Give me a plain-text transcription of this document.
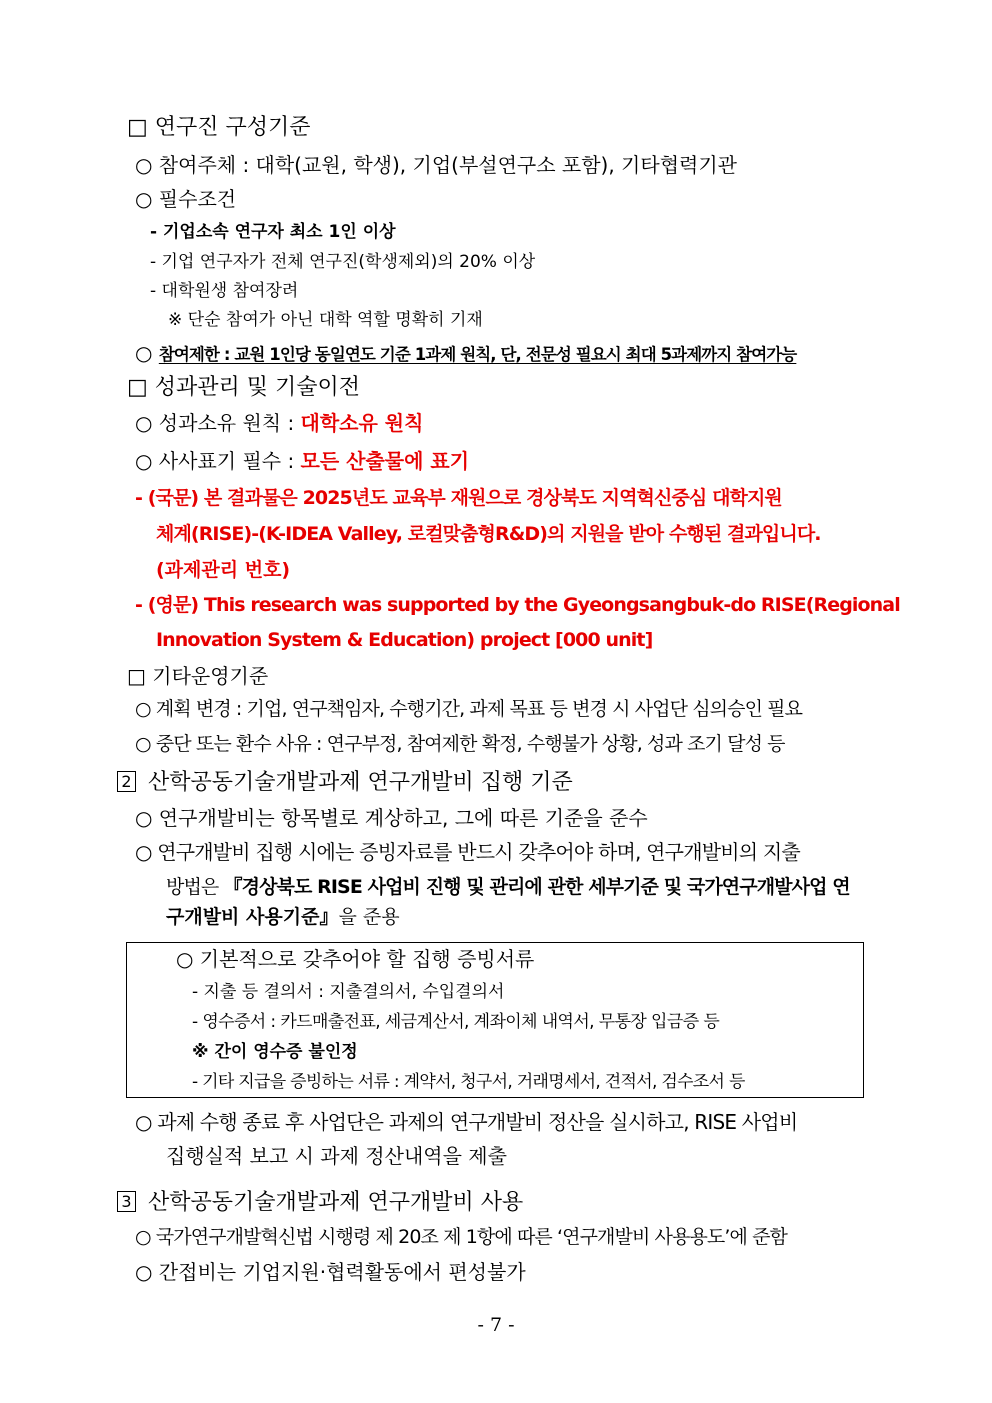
□ 연구진 구성기준
○ 참여주체 : 대학(교원, 학생), 기업(부설연구소 포함), 기타협력기관
○ 필수조건
- 기업소속 연구자 최소 1인 이상
- 기업 연구자가 전체 연구진(학생제외)의 20% 이상
- 대학원생 참여장려
※ 단순 참여가 아닌 대학 역할 명확히 기재
○ 참여제한 : 교원 1인당 동일연도 기준 1과제 원칙, 단, 전문성 필요시 최대 5과제까지 참여가능
□ 성과관리 및 기술이전
○ 성과소유 원칙 : 대학소유 원칙
○ 사사표기 필수 : 모든 산출물에 표기
- (국문) 본 결과물은 2025년도 교육부 재원으로 경상북도 지역혁신중심 대학지원
체계(RISE)-(K-IDEA Valley, 로컬맞춤형R&D)의 지원을 받아 수행된 결과입니다.
(과제관리 번호)
- (영문) This research was supported by the Gyeongsangbuk-do RISE(Regional
Innovation System & Education) project [000 unit]
□ 기타운영기준
○ 계획 변경 : 기업, 연구책임자, 수행기간, 과제 목표 등 변경 시 사업단 심의승인 필요
○ 중단 또는 환수 사유 : 연구부정, 참여제한 확정, 수행불가 상황, 성과 조기 달성 등
2 산학공동기술개발과제 연구개발비 집행 기준
○ 연구개발비는 항목별로 계상하고, 그에 따른 기준을 준수
○ 연구개발비 집행 시에는 증빙자료를 반드시 갖추어야 하며, 연구개발비의 지출
방법은 『경상북도 RISE 사업비 진행 및 관리에 관한 세부기준 및 국가연구개발사업 연
구개발비 사용기준』을 준용
○ 기본적으로 갖추어야 할 집행 증빙서류
- 지출 등 결의서 : 지출결의서, 수입결의서
- 영수증서 : 카드매출전표, 세금계산서, 계좌이체 내역서, 무통장 입금증 등
※ 간이 영수증 불인정
- 기타 지급을 증빙하는 서류 : 계약서, 청구서, 거래명세서, 견적서, 검수조서 등
○ 과제 수행 종료 후 사업단은 과제의 연구개발비 정산을 실시하고, RISE 사업비
집행실적 보고 시 과제 정산내역을 제출
3 산학공동기술개발과제 연구개발비 사용
○ 국가연구개발혁신법 시행령 제 20조 제 1항에 따른 ‘연구개발비 사용용도’에 준함
○ 간접비는 기업지원·협력활동에서 편성불가
- 7 -
